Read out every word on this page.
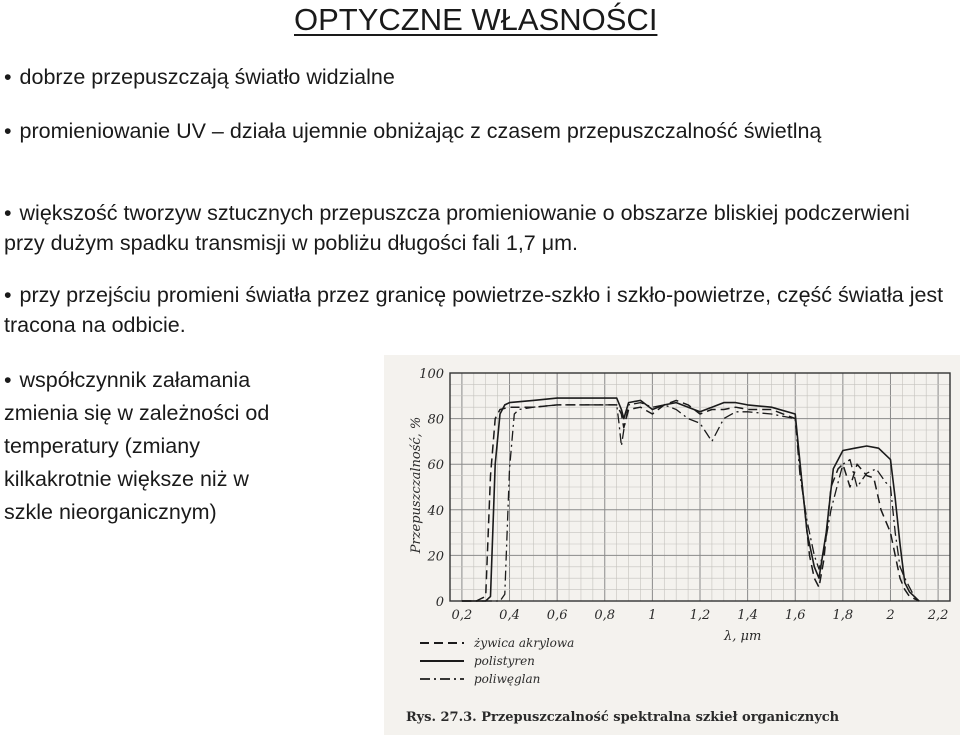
OPTYCZNE WŁASNOŚCI

• dobrze przepuszczają światło widzialne

• promieniowanie UV – działa ujemnie obniżając z czasem przepuszczalność świetlną

• większość tworzyw sztucznych przepuszcza promieniowanie o obszarze bliskiej podczerwieni przy dużym spadku transmisji w pobliżu długości fali 1,7 μm.

• przy przejściu promieni światła przez granicę powietrze-szkło i szkło-powietrze, część światła jest tracona na odbicie.

• współczynnik załamania zmienia się w zależności od temperatury (zmiany kilkakrotnie większe niż w szkle nieorganicznym)

0,2 0,4 0,6 0,8	1	1,2 1,4 1,6 1,8	2	2,2
0
20
40
60
80
100
żywica akrylowa
polistyren
poliwęglan
Przepuszczalność, %
λ, μm
Rys. 27.3. Przepuszczalność spektralna szkieł organicznych
